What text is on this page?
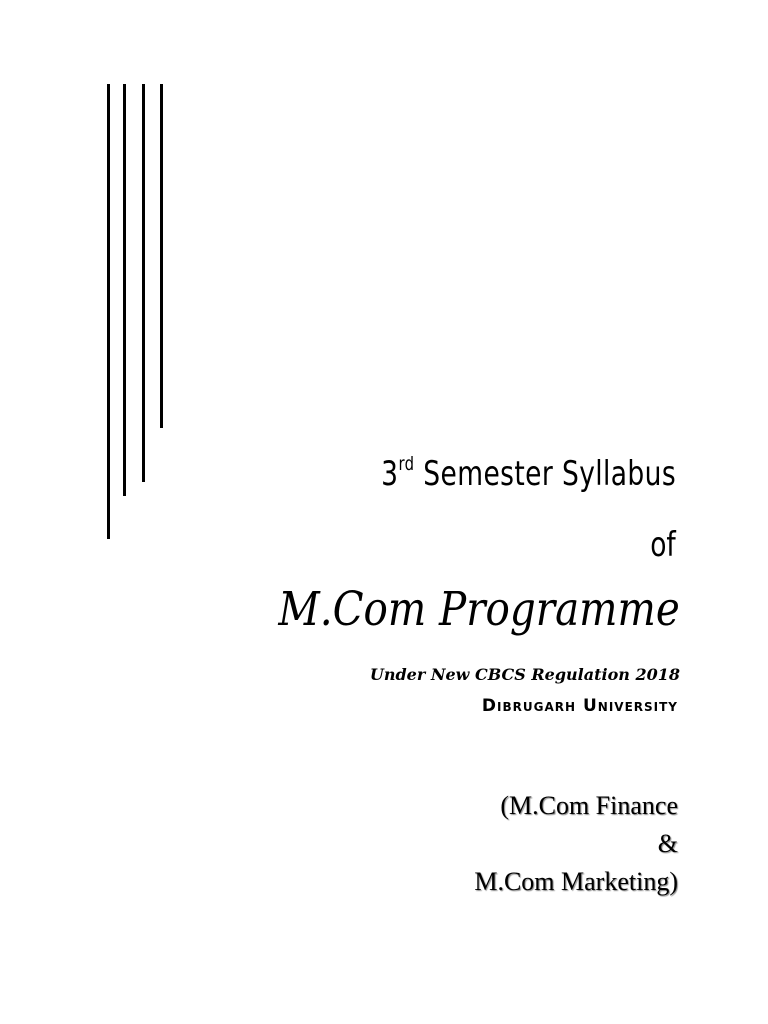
3rd Semester Syllabus
of
M.Com Programme
Under New CBCS Regulation 2018
Dibrugarh University
(M.Com Finance
&
M.Com Marketing)
